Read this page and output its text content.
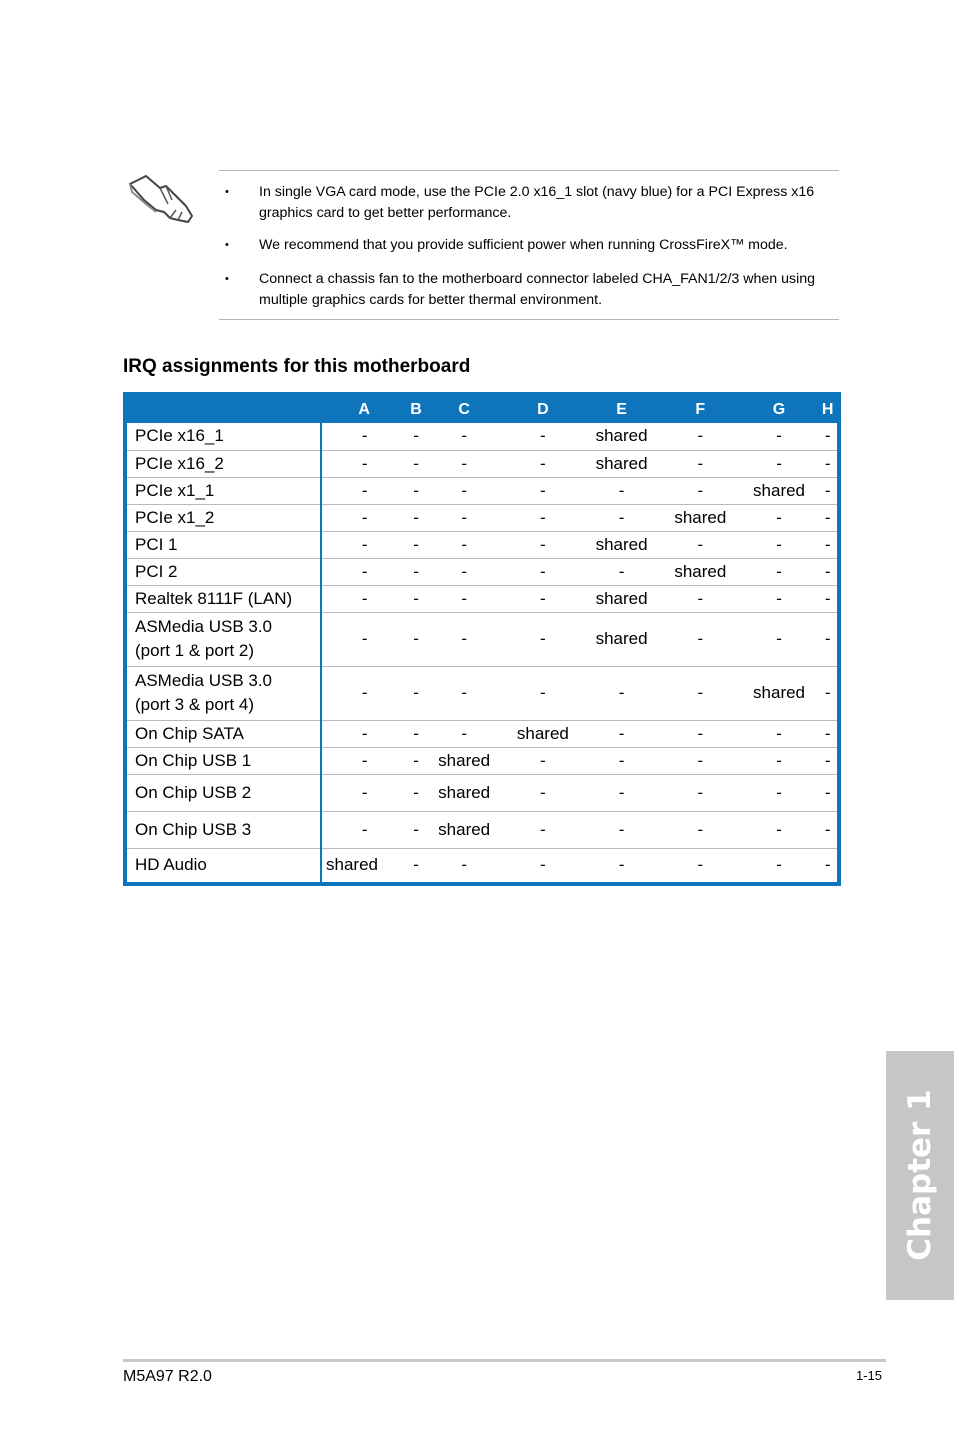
• In single VGA card mode, use the PCIe 2.0 x16_1 slot (navy blue) for a PCI Express x16 graphics card to get better performance.
• We recommend that you provide sufficient power when running CrossFireX™ mode.
• Connect a chassis fan to the motherboard connector labeled CHA_FAN1/2/3 when using multiple graphics cards for better thermal environment.
IRQ assignments for this motherboard
	A	B	C	D	E	F	G	H

PCIe x16_1	-	-	-	-	shared	-	-	-

PCIe x16_2	-	-	-	-	shared	-	-	-

PCIe x1_1	-	-	-	-	-	-	shared	-

PCIe x1_2	-	-	-	-	-	shared	-	-

PCI 1	-	-	-	-	shared	-	-	-

PCI 2	-	-	-	-	-	shared	-	-

Realtek 8111F (LAN)	-	-	-	-	shared	-	-	-

ASMedia USB 3.0
(port 1 & port 2)	-	-	-	-	shared	-	-	-

ASMedia USB 3.0
(port 3 & port 4)	-	-	-	-	-	-	shared	-

On Chip SATA	-	-	-	shared	-	-	-	-

On Chip USB 1	-	-	shared	-	-	-	-	-

On Chip USB 2	-	-	shared	-	-	-	-	-

On Chip USB 3	-	-	shared	-	-	-	-	-

HD Audio	shared	-	-	-	-	-	-	-
Chapter 1
M5A97 R2.0	1-15
